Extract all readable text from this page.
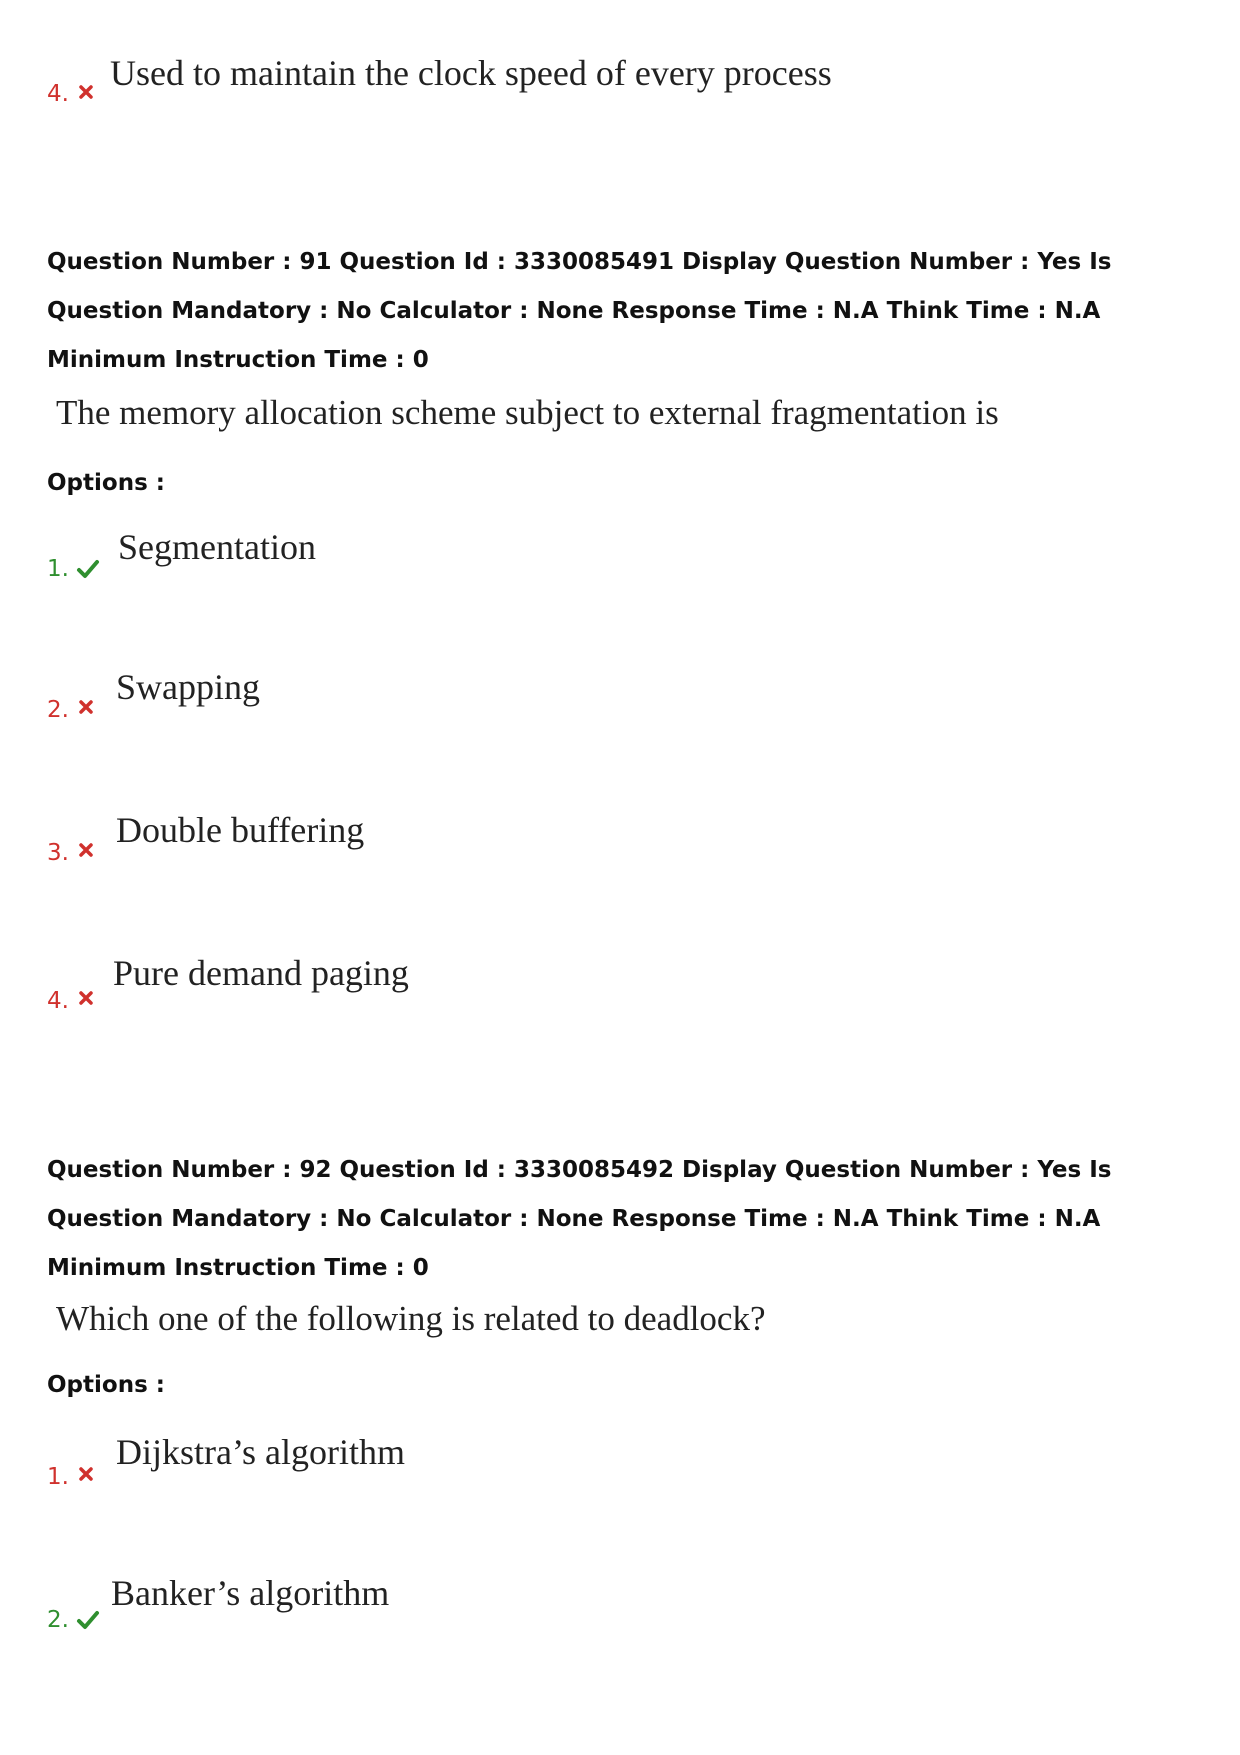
4.
Used to maintain the clock speed of every process

Question Number : 91 Question Id : 3330085491 Display Question Number : Yes Is Question Mandatory : No Calculator : None Response Time : N.A Think Time : N.A Minimum Instruction Time : 0

The memory allocation scheme subject to external fragmentation is
Options :
1.
Segmentation
2.
Swapping
3.
Double buffering
4.
Pure demand paging

Question Number : 92 Question Id : 3330085492 Display Question Number : Yes Is Question Mandatory : No Calculator : None Response Time : N.A Think Time : N.A Minimum Instruction Time : 0

Which one of the following is related to deadlock?
Options :
1.
Dijkstra’s algorithm
2.
Banker’s algorithm
